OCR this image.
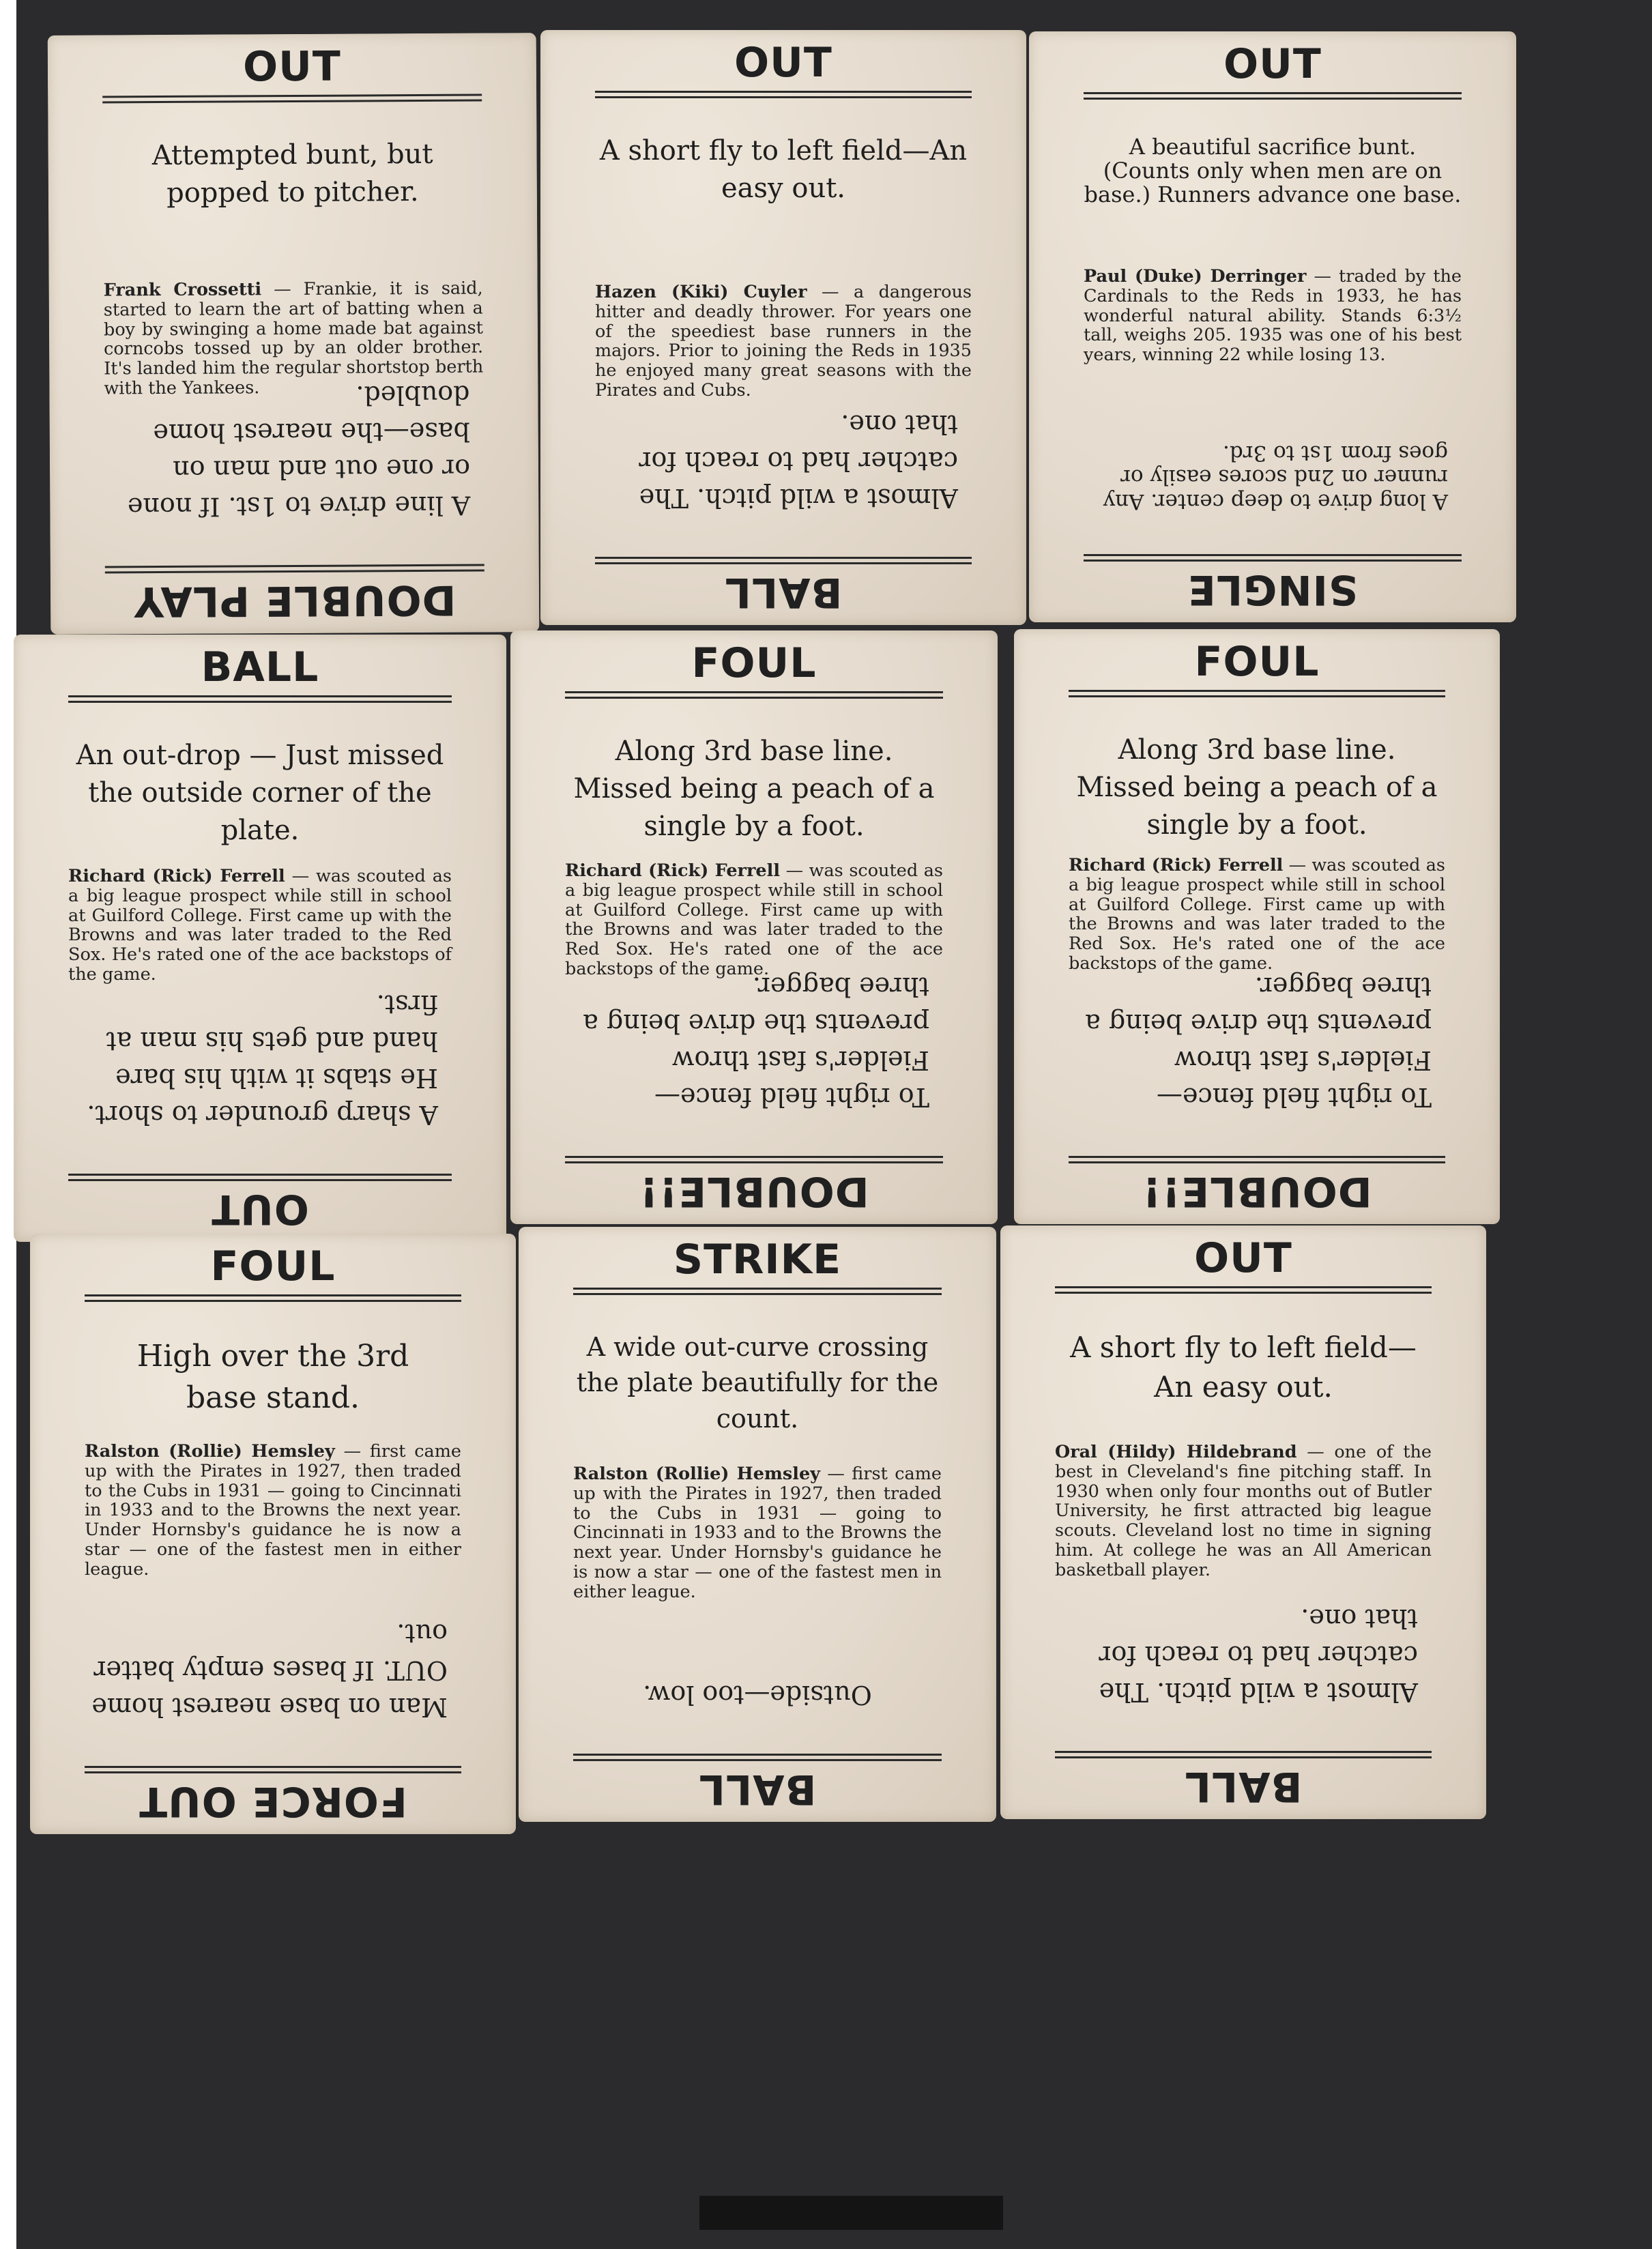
OUT

Attempted bunt, but popped to pitcher.

Frank Crossetti — Frankie, it is said, started to learn the art of batting when a boy by swinging a home made bat against corncobs tossed up by an older brother. It's landed him the regular shortstop berth with the Yankees.

DOUBLE PLAY

A line drive to 1st. If none or one out and man on base—the nearest home doubled.

OUT

A short fly to left field—An easy out.

Hazen (Kiki) Cuyler — a dangerous hitter and deadly thrower. For years one of the speediest base runners in the majors. Prior to joining the Reds in 1935 he enjoyed many great seasons with the Pirates and Cubs.

BALL

Almost a wild pitch. The catcher had to reach for that one.

OUT

A beautiful sacrifice bunt. (Counts only when men are on base.) Runners advance one base.

Paul (Duke) Derringer — traded by the Cardinals to the Reds in 1933, he has wonderful natural ability. Stands 6:3½ tall, weighs 205. 1935 was one of his best years, winning 22 while losing 13.

SINGLE

A long drive to deep center. Any runner on 2nd scores easily or goes from 1st to 3rd.

BALL

An out-drop — Just missed the outside corner of the plate.

Richard (Rick) Ferrell — was scouted as a big league prospect while still in school at Guilford College. First came up with the Browns and was later traded to the Red Sox. He's rated one of the ace backstops of the game.

OUT

A sharp grounder to short. He stabs it with his bare hand and gets his man at first.

FOUL

Along 3rd base line. Missed being a peach of a single by a foot.

Richard (Rick) Ferrell — was scouted as a big league prospect while still in school at Guilford College. First came up with the Browns and was later traded to the Red Sox. He's rated one of the ace backstops of the game.

DOUBLE!!

To right field fence—Fielder's fast throw prevents the drive being a three bagger.

FOUL

Along 3rd base line. Missed being a peach of a single by a foot.

Richard (Rick) Ferrell — was scouted as a big league prospect while still in school at Guilford College. First came up with the Browns and was later traded to the Red Sox. He's rated one of the ace backstops of the game.

DOUBLE!!

To right field fence—Fielder's fast throw prevents the drive being a three bagger.

FOUL

High over the 3rd base stand.

Ralston (Rollie) Hemsley — first came up with the Pirates in 1927, then traded to the Cubs in 1931 — going to Cincinnati in 1933 and to the Browns the next year. Under Hornsby's guidance he is now a star — one of the fastest men in either league.

FORCE OUT

Man on base nearest home OUT. If bases empty batter out.

STRIKE

A wide out-curve crossing the plate beautifully for the count.

Ralston (Rollie) Hemsley — first came up with the Pirates in 1927, then traded to the Cubs in 1931 — going to Cincinnati in 1933 and to the Browns the next year. Under Hornsby's guidance he is now a star — one of the fastest men in either league.

BALL

Outside—too low.

OUT

A short fly to left field—An easy out.

Oral (Hildy) Hildebrand — one of the best in Cleveland's fine pitching staff. In 1930 when only four months out of Butler University, he first attracted big league scouts. Cleveland lost no time in signing him. At college he was an All American basketball player.

BALL

Almost a wild pitch. The catcher had to reach for that one.
